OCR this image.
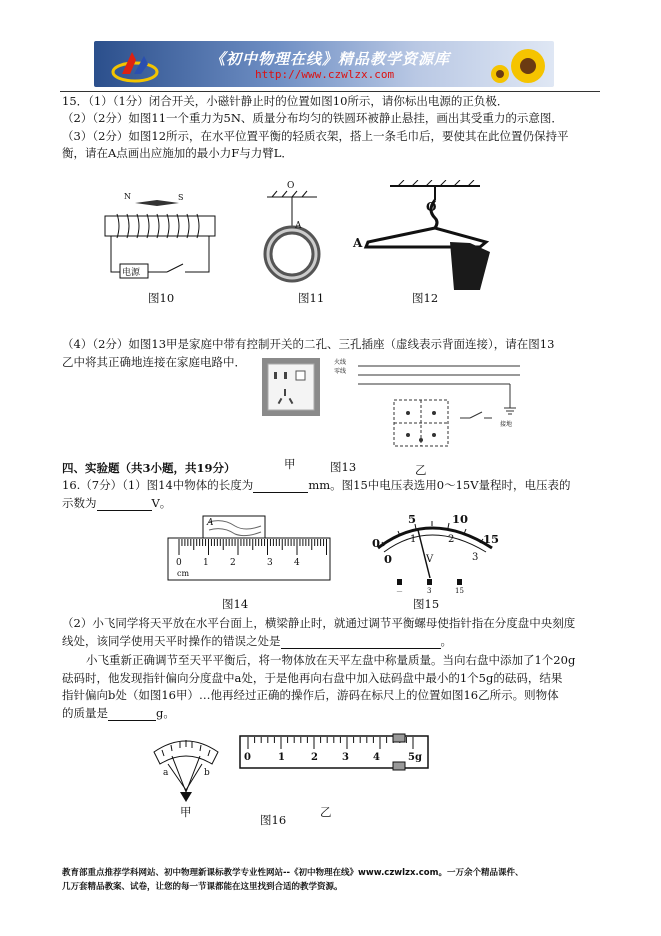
《初中物理在线》精品教学资源库
http://www.czwlzx.com
15．（1）（1分）闭合开关，小磁针静止时的位置如图10所示，请你标出电源的正负极．
（2）（2分）如图11一个重力为5N、质量分布均匀的铁圆环被静止悬挂，画出其受重力的示意图．
（3）（2分）如图12所示，在水平位置平衡的轻质衣架，搭上一条毛巾后，要使其在此位置仍保持平
衡，请在A点画出应施加的最小力F与力臂L．
N	S
电源
图10
O
A
图11
O
A
图12
（4）（2分）如图13甲是家庭中带有控制开关的二孔、三孔插座（虚线表示背面连接），请在图13
乙中将其正确地连接在家庭电路中．	火线
零线
接地
四、实验题（共3小题，共19分）	甲	图13	乙
16.（7分）（1）图14中物体的长度为	mm。图15中电压表选用0～15V量程时，电压表的
示数为	V。
A
0 1 2	3 4
cm
图14
5	10
15
0	1	2
3
0	V
－	3	15
图15
（2）小飞同学将天平放在水平台面上，横梁静止时，就通过调节平衡螺母使指针指在分度盘中央刻度
线处，该同学使用天平时操作的错误之处是	。
小飞重新正确调节至天平平衡后，将一物体放在天平左盘中称量质量。当向右盘中添加了1个20g
砝码时，他发现指针偏向分度盘中a处，于是他再向右盘中加入砝码盘中最小的1个5g的砝码，结果
指针偏向b处（如图16甲）…他再经过正确的操作后，游码在标尺上的位置如图16乙所示。则物体
的质量是	g。
a	b
甲
0	1	2 3 4	5g
乙
图16
教育部重点推荐学科网站、初中物理新课标教学专业性网站--《初中物理在线》www.czwlzx.com。一万余个精品课件、
几万套精品教案、试卷，让您的每一节课都能在这里找到合适的教学资源。
